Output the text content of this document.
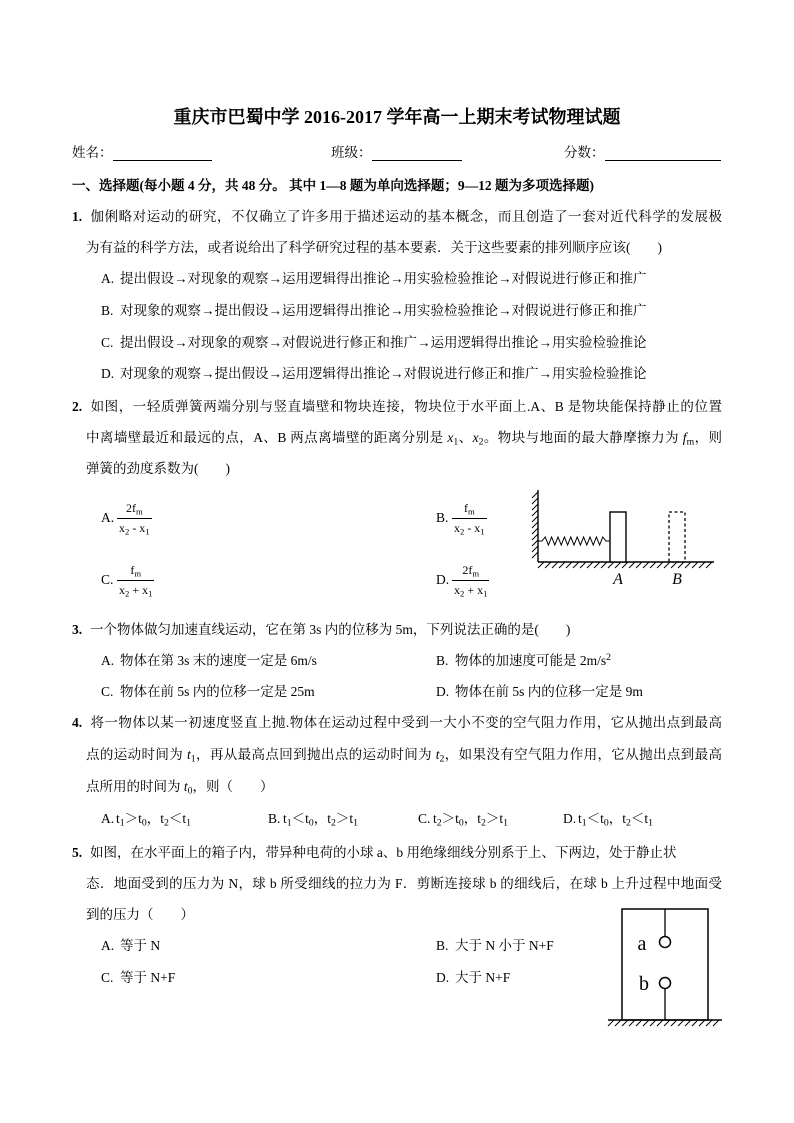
重庆市巴蜀中学 2016-2017 学年高一上期末考试物理试题
姓名：	班级：	分数：
一、选择题(每小题 4 分，共 48 分。 其中 1—8 题为单向选择题；9—12 题为多项选择题)
1. 伽俐略对运动的研究，不仅确立了许多用于描述运动的基本概念，而且创造了一套对近代科学的发展极
为有益的科学方法，或者说给出了科学研究过程的基本要素．关于这些要素的排列顺序应该(　　)
A. 提出假设→对现象的观察→运用逻辑得出推论→用实验检验推论→对假说进行修正和推广
B. 对现象的观察→提出假设→运用逻辑得出推论→用实验检验推论→对假说进行修正和推广
C. 提出假设→对现象的观察→对假说进行修正和推广→运用逻辑得出推论→用实验检验推论
D. 对现象的观察→提出假设→运用逻辑得出推论→对假说进行修正和推广→用实验检验推论
2. 如图，一轻质弹簧两端分别与竖直墙壁和物块连接，物块位于水平面上.A、B 是物块能保持静止的位置
中离墙壁最近和最远的点，A、B 两点离墙壁的距离分别是 $x_1$、$x_2$。物块与地面的最大静摩擦力为 $f_m$，则
弹簧的劲度系数为(　　)
A. $\frac{2f_m}{x_2 - x_1}$	B. $\frac{f_m}{x_2 - x_1}$
C. $\frac{f_m}{x_2 + x_1}$	D. $\frac{2f_m}{x_2 + x_1}$	A	B
3. 一个物体做匀加速直线运动，它在第 3s 内的位移为 5m，下列说法正确的是(　　)
A. 物体在第 3s 末的速度一定是 6m/s	B. 物体的加速度可能是 $2m/s^2$
C. 物体在前 5s 内的位移一定是 25m	D. 物体在前 5s 内的位移一定是 9m
4. 将一物体以某一初速度竖直上抛.物体在运动过程中受到一大小不变的空气阻力作用，它从抛出点到最高
点的运动时间为 $t_1$，再从最高点回到抛出点的运动时间为 $t_2$，如果没有空气阻力作用，它从抛出点到最高
点所用的时间为 $t_0$，则（　　）
A. $t_1>t_0$，$t_2<t_1$	B. $t_1<t_0$，$t_2>t_1$	C. $t_2>t_0$，$t_2>t_1$	D. $t_1<t_0$，$t_2<t_1$
5. 如图，在水平面上的箱子内，带异种电荷的小球 a、b 用绝缘细线分别系于上、下两边，处于静止状
态．地面受到的压力为 N，球 b 所受细线的拉力为 F．剪断连接球 b 的细线后，在球 b 上升过程中地面受
到的压力（　　）
A. 等于 N	B. 大于 N 小于 N+F
C. 等于 N+F	D. 大于 N+F
a
b
